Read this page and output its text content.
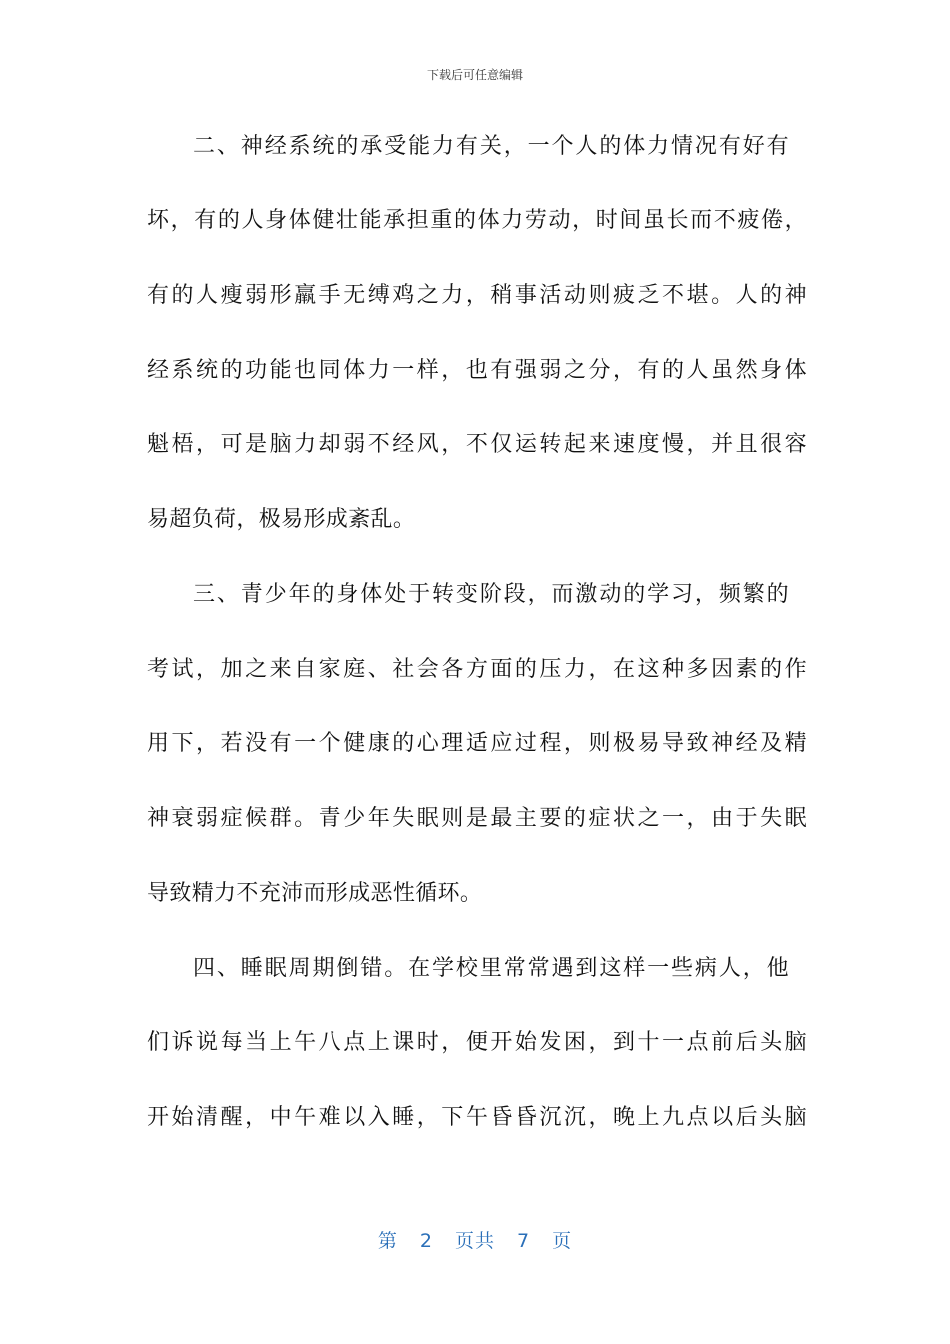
下载后可任意编辑
二、神经系统的承受能力有关，一个人的体力情况有好有
坏，有的人身体健壮能承担重的体力劳动，时间虽长而不疲倦，
有的人瘦弱形羸手无缚鸡之力，稍事活动则疲乏不堪。人的神
经系统的功能也同体力一样，也有强弱之分，有的人虽然身体
魁梧，可是脑力却弱不经风，不仅运转起来速度慢，并且很容
易超负荷，极易形成紊乱。
三、青少年的身体处于转变阶段，而激动的学习，频繁的
考试，加之来自家庭、社会各方面的压力，在这种多因素的作
用下，若没有一个健康的心理适应过程，则极易导致神经及精
神衰弱症候群。青少年失眠则是最主要的症状之一，由于失眠
导致精力不充沛而形成恶性循环。
四、睡眠周期倒错。在学校里常常遇到这样一些病人，他
们诉说每当上午八点上课时，便开始发困，到十一点前后头脑
开始清醒，中午难以入睡，下午昏昏沉沉，晚上九点以后头脑
第 2 页共 7 页
